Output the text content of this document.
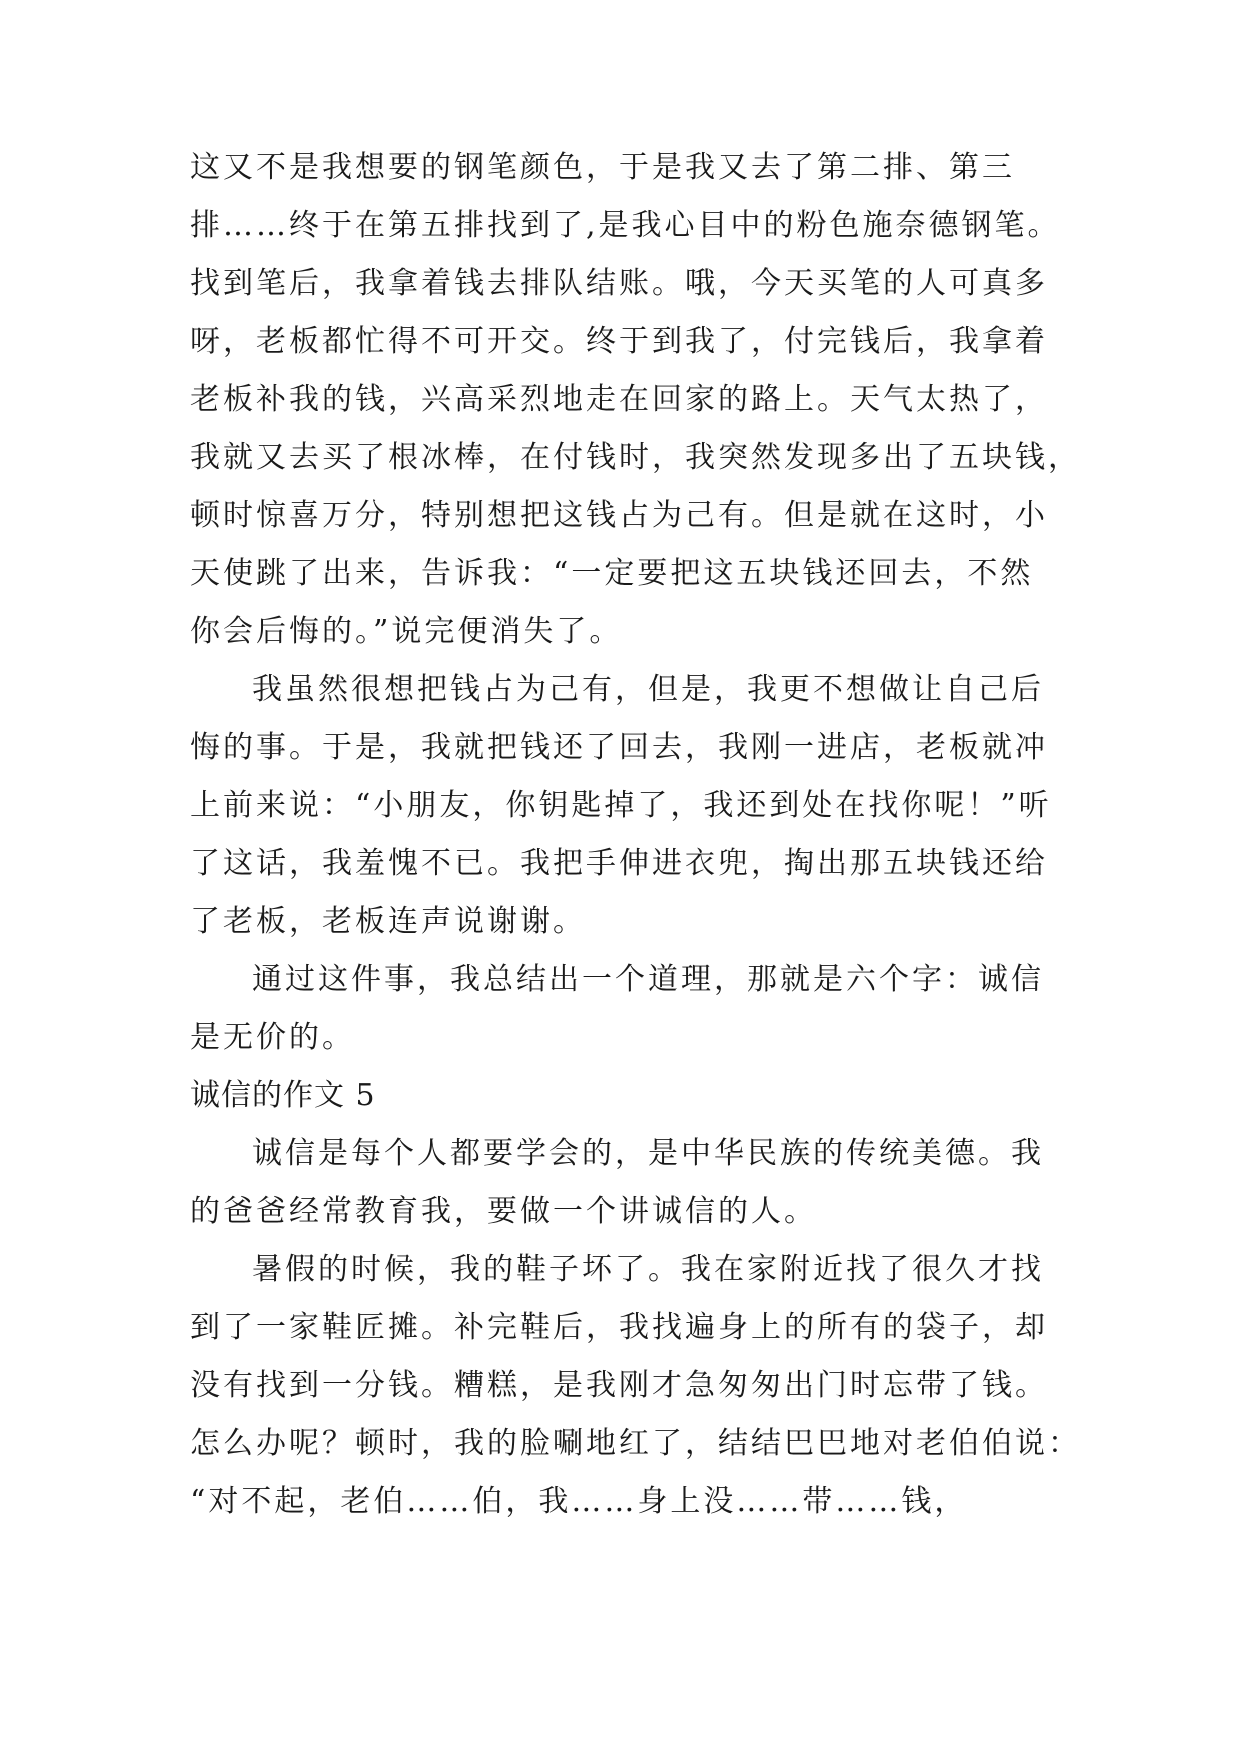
这又不是我想要的钢笔颜色，于是我又去了第二排、第三
排……终于在第五排找到了,是我心目中的粉色施奈德钢笔。
找到笔后，我拿着钱去排队结账。哦，今天买笔的人可真多
呀，老板都忙得不可开交。终于到我了，付完钱后，我拿着
老板补我的钱，兴高采烈地走在回家的路上。天气太热了，
我就又去买了根冰棒，在付钱时，我突然发现多出了五块钱，
顿时惊喜万分，特别想把这钱占为己有。但是就在这时，小
天使跳了出来，告诉我：“一定要把这五块钱还回去，不然
你会后悔的。”说完便消失了。
我虽然很想把钱占为己有，但是，我更不想做让自己后
悔的事。于是，我就把钱还了回去，我刚一进店，老板就冲
上前来说：“小朋友，你钥匙掉了，我还到处在找你呢！”听
了这话，我羞愧不已。我把手伸进衣兜，掏出那五块钱还给
了老板，老板连声说谢谢。
通过这件事，我总结出一个道理，那就是六个字：诚信
是无价的。
诚信的作文 5
诚信是每个人都要学会的，是中华民族的传统美德。我
的爸爸经常教育我，要做一个讲诚信的人。
暑假的时候，我的鞋子坏了。我在家附近找了很久才找
到了一家鞋匠摊。补完鞋后，我找遍身上的所有的袋子，却
没有找到一分钱。糟糕，是我刚才急匆匆出门时忘带了钱。
怎么办呢？顿时，我的脸唰地红了，结结巴巴地对老伯伯说：
“对不起，老伯……伯，我……身上没……带……钱，
